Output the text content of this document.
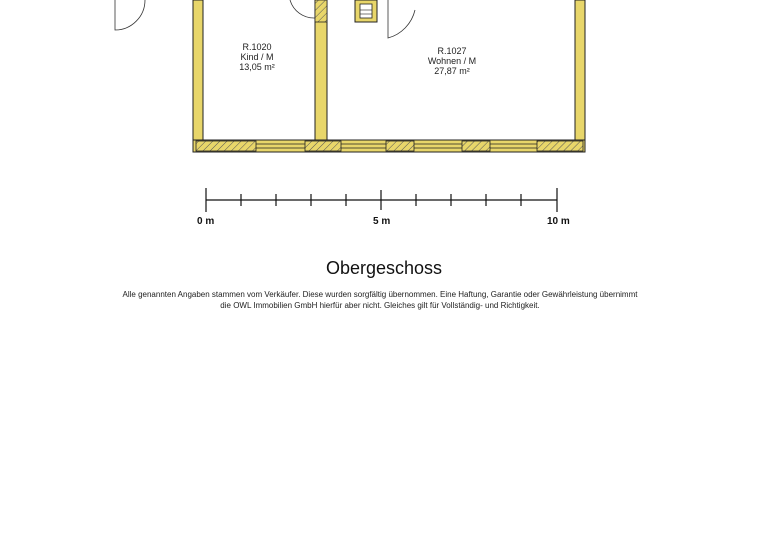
R.1020
Kind / M
13,05 m²
R.1027
Wohnen / M
27,87 m²
0 m	5 m	10 m
Obergeschoss
Alle genannten Angaben stammen vom Verkäufer. Diese wurden sorgfältig übernommen. Eine Haftung, Garantie oder Gewährleistung übernimmt
die OWL Immobilien GmbH hierfür aber nicht. Gleiches gilt für Vollständig- und Richtigkeit.
